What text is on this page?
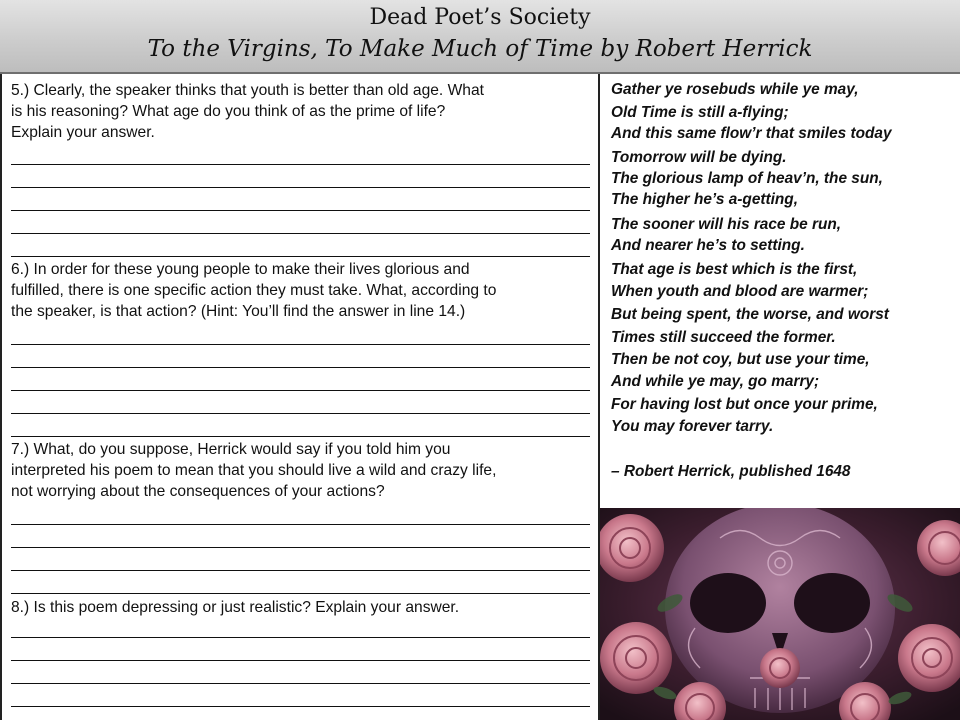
Dead Poet’s Society
To the Virgins, To Make Much of Time by Robert Herrick
5.) Clearly, the speaker thinks that youth is better than old age. What
is his reasoning? What age do you think of as the prime of life?
Explain your answer.
6.) In order for these young people to make their lives glorious and
fulfilled, there is one specific action they must take. What, according to
the speaker, is that action? (Hint: You’ll find the answer in line 14.)
7.) What, do you suppose, Herrick would say if you told him you
interpreted his poem to mean that you should live a wild and crazy life,
not worrying about the consequences of your actions?
8.) Is this poem depressing or just realistic? Explain your answer.
Gather ye rosebuds while ye may,
Old Time is still a-flying;
And this same flow’r that smiles today
Tomorrow will be dying.
The glorious lamp of heav’n, the sun,
The higher he’s a-getting,
The sooner will his race be run,
And nearer he’s to setting.
That age is best which is the first,
When youth and blood are warmer;
But being spent, the worse, and worst
Times still succeed the former.
Then be not coy, but use your time,
And while ye may, go marry;
For having lost but once your prime,
You may forever tarry.
– Robert Herrick, published 1648
